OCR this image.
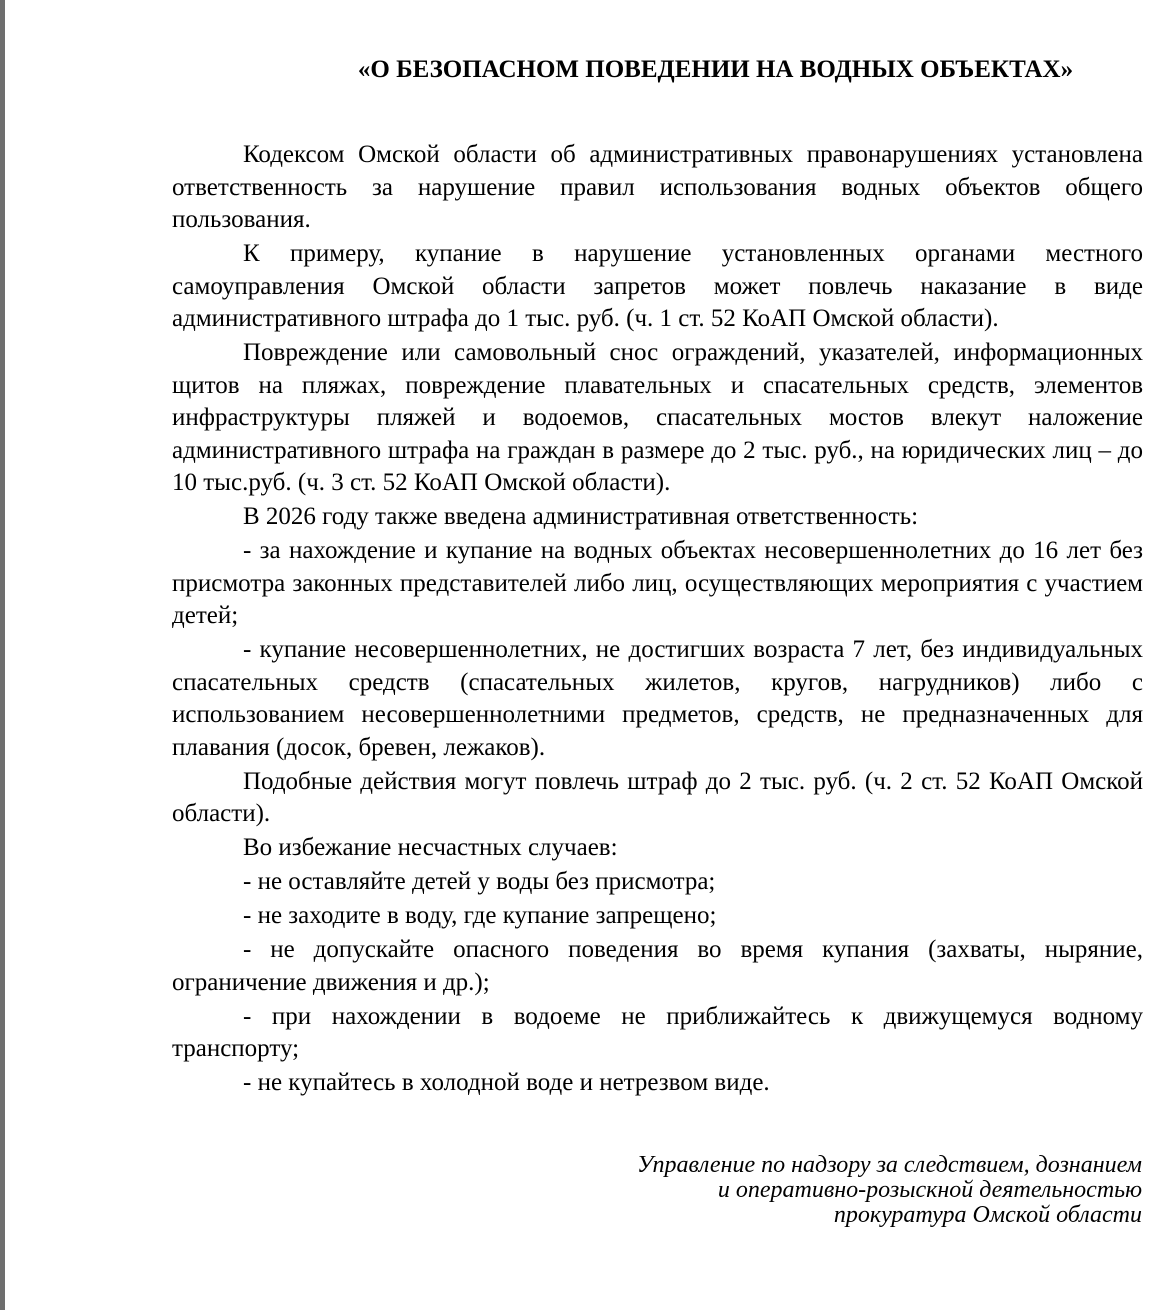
«О БЕЗОПАСНОМ ПОВЕДЕНИИ НА ВОДНЫХ ОБЪЕКТАХ»

Кодексом Омской области об административных правонарушениях установлена ответственность за нарушение правил использования водных объектов общего пользования.

К примеру, купание в нарушение установленных органами местного самоуправления Омской области запретов может повлечь наказание в виде административного штрафа до 1 тыс. руб. (ч. 1 ст. 52 КоАП Омской области).

Повреждение или самовольный снос ограждений, указателей, информационных щитов на пляжах, повреждение плавательных и спасательных средств, элементов инфраструктуры пляжей и водоемов, спасательных мостов влекут наложение административного штрафа на граждан в размере до 2 тыс. руб., на юридических лиц – до 10 тыс.руб. (ч. 3 ст. 52 КоАП Омской области).

В 2026 году также введена административная ответственность:

- за нахождение и купание на водных объектах несовершеннолетних до 16 лет без присмотра законных представителей либо лиц, осуществляющих мероприятия с участием детей;

- купание несовершеннолетних, не достигших возраста 7 лет, без индивидуальных спасательных средств (спасательных жилетов, кругов, нагрудников) либо с использованием несовершеннолетними предметов, средств, не предназначенных для плавания (досок, бревен, лежаков).

Подобные действия могут повлечь штраф до 2 тыс. руб. (ч. 2 ст. 52 КоАП Омской области).

Во избежание несчастных случаев:

- не оставляйте детей у воды без присмотра;

- не заходите в воду, где купание запрещено;

- не допускайте опасного поведения во время купания (захваты, ныряние, ограничение движения и др.);

- при нахождении в водоеме не приближайтесь к движущемуся водному транспорту;

- не купайтесь в холодной воде и нетрезвом виде.

Управление по надзору за следствием, дознанием
и оперативно-розыскной деятельностью
прокуратура Омской области
